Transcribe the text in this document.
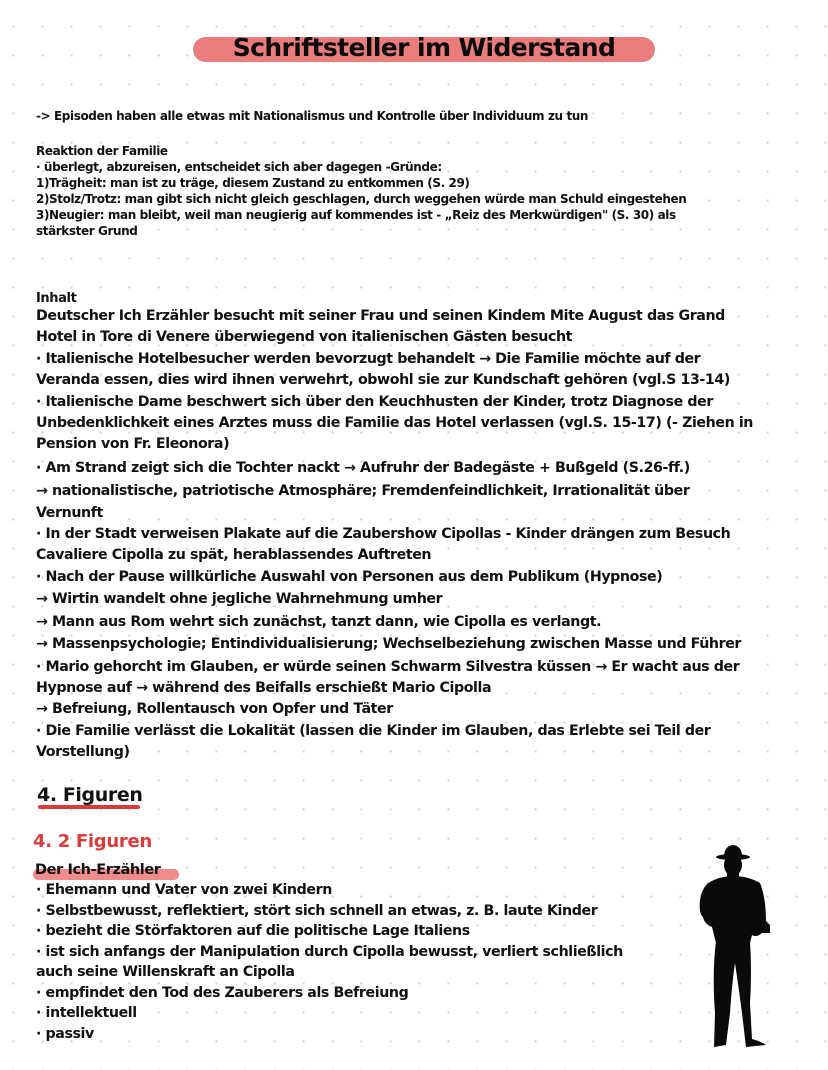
Schriftsteller im Widerstand
-> Episoden haben alle etwas mit Nationalismus und Kontrolle über Individuum zu tun
Reaktion der Familie
· überlegt, abzureisen, entscheidet sich aber dagegen -Gründe:
1)Trägheit: man ist zu träge, diesem Zustand zu entkommen (S. 29)
2)Stolz/Trotz: man gibt sich nicht gleich geschlagen, durch weggehen würde man Schuld eingestehen
3)Neugier: man bleibt, weil man neugierig auf kommendes ist - „Reiz des Merkwürdigen" (S. 30) als
stärkster Grund
Inhalt
Deutscher Ich Erzähler besucht mit seiner Frau und seinen Kindem Mite August das Grand
Hotel in Tore di Venere überwiegend von italienischen Gästen besucht
· Italienische Hotelbesucher werden bevorzugt behandelt → Die Familie möchte auf der
Veranda essen, dies wird ihnen verwehrt, obwohl sie zur Kundschaft gehören (vgl.S 13-14)
· Italienische Dame beschwert sich über den Keuchhusten der Kinder, trotz Diagnose der
Unbedenklichkeit eines Arztes muss die Familie das Hotel verlassen (vgl.S. 15-17) (- Ziehen in
Pension von Fr. Eleonora)
· Am Strand zeigt sich die Tochter nackt → Aufruhr der Badegäste + Bußgeld (S.26-ff.)
→ nationalistische, patriotische Atmosphäre; Fremdenfeindlichkeit, Irrationalität über
Vernunft
· In der Stadt verweisen Plakate auf die Zaubershow Cipollas - Kinder drängen zum Besuch
Cavaliere Cipolla zu spät, herablassendes Auftreten
· Nach der Pause willkürliche Auswahl von Personen aus dem Publikum (Hypnose)
→ Wirtin wandelt ohne jegliche Wahrnehmung umher
→ Mann aus Rom wehrt sich zunächst, tanzt dann, wie Cipolla es verlangt.
→ Massenpsychologie; Entindividualisierung; Wechselbeziehung zwischen Masse und Führer
· Mario gehorcht im Glauben, er würde seinen Schwarm Silvestra küssen → Er wacht aus der
Hypnose auf → während des Beifalls erschießt Mario Cipolla
→ Befreiung, Rollentausch von Opfer und Täter
· Die Familie verlässt die Lokalität (lassen die Kinder im Glauben, das Erlebte sei Teil der
Vorstellung)
4. Figuren
4. 2 Figuren
Der Ich-Erzähler
· Ehemann und Vater von zwei Kindern
· Selbstbewusst, reflektiert, stört sich schnell an etwas, z. B. laute Kinder
· bezieht die Störfaktoren auf die politische Lage Italiens
· ist sich anfangs der Manipulation durch Cipolla bewusst, verliert schließlich
auch seine Willenskraft an Cipolla
· empfindet den Tod des Zauberers als Befreiung
· intellektuell
· passiv
